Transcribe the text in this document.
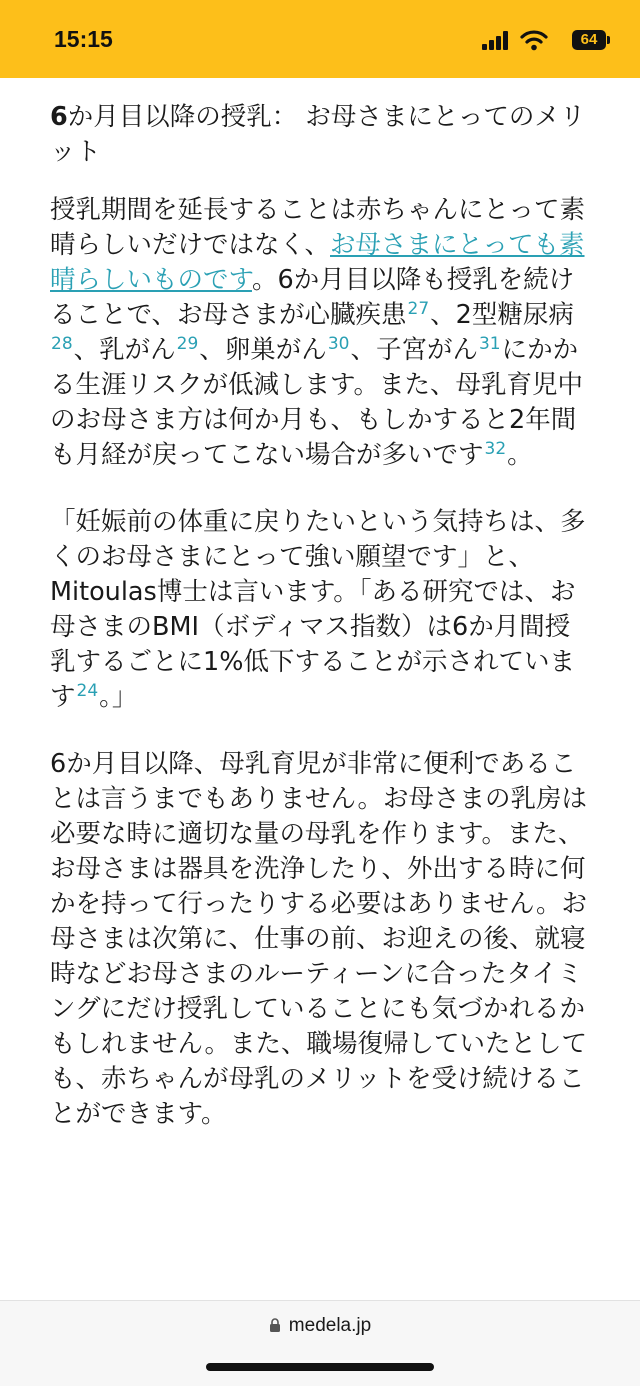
15:15	64
6か月目以降の授乳： お母さまにとってのメリット

授乳期間を延長することは赤ちゃんにとって素晴らしいだけではなく、お母さまにとっても素晴らしいものです。6か月目以降も授乳を続けることで、お母さまが心臓疾患$^{27}$、2型糖尿病$^{28}$、乳がん$^{29}$、卵巣がん$^{30}$、子宮がん$^{31}$にかかる生涯リスクが低減します。また、母乳育児中のお母さま方は何か月も、もしかすると2年間も月経が戻ってこない場合が多いです$^{32}$。

「妊娠前の体重に戻りたいという気持ちは、多くのお母さまにとって強い願望です」と、Mitoulas博士は言います。「ある研究では、お母さまのBMI（ボディマス指数）は6か月間授乳するごとに1%低下することが示されています$^{24}$。」

6か月目以降、母乳育児が非常に便利であることは言うまでもありません。お母さまの乳房は必要な時に適切な量の母乳を作ります。また、お母さまは器具を洗浄したり、外出する時に何かを持って行ったりする必要はありません。お母さまは次第に、仕事の前、お迎えの後、就寝時などお母さまのルーティーンに合ったタイミングにだけ授乳していることにも気づかれるかもしれません。また、職場復帰していたとしても、赤ちゃんが母乳のメリットを受け続けることができます。

medela.jp
